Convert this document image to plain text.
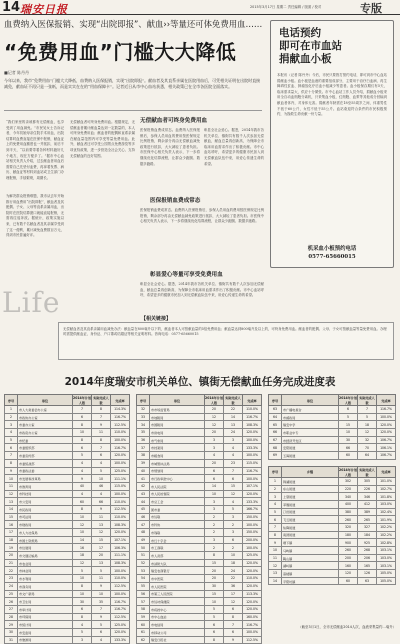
14 瑞安日报	2015年3月17日 星期二 责任编辑 / 版面 / 校对	专版
血费纳入医保报销、实现“出院即报”、献血››等量还可体免费用血……
“免费用血”门槛大大降低
■记者 陈丹丹
今年以来，我市“免费用血”门槛大大降低，血费纳入医保报销，实现“出院即报”。献血者及其直系亲属在医院用血后，可凭相关证明在出院时直接减免，献血证不再只是一张纸，而是实实在在的“用血保障卡”。记者近日从市中心血站获悉，相关政策已在全市各医院全面落实。
“我们家里的亲戚都有无偿献血，也享受到了用血减免。”市民吴女士告诉记者，今年初她母亲住院手术用血，出院结算时血费直接在医保中报销，献血证上的免费用血额度也一并抵扣，前后不到半天，“以前要带着各种材料跑好几个地方，现在方便多了。”据市中心血站相关负责人介绍，过去献血者用血后需要自己先垫付血费，再拿着发票、病历、献血证等材料到血站或卫生部门办理报销，手续繁琐，周期长。
为解决群众报销难题，我市从去年开始推行用血费用“出院即报”，献血者及其配偶、子女、父母等直系亲属用血，出院时在医院结算窗口就能直接报销，无需再往返奔波。据统计，政策实施以来，已有数千名献血者及其亲属享受到了这一便利，累计减免血费数百万元，得到市民普遍好评。
无偿献血者可终身免费用血。根据规定，无偿献血者累计献血量达到一定数量的，本人可终身免费用血；献血者的配偶和直系亲属在献血量范围内可享受等量免费用血。此外，献血者还可享受公园景点免费游览等多项优待政策，进一步营造全社会关心、支持无偿献血的良好氛围。
无偿献血者可终身免费用血
医保报销血费成常态。血费纳入医保报销后，参保人员用血的费用按医保规定比例报销，剩余部分再由无偿献血减免政策进行抵扣，大大减轻了患者负担。市医保中心相关负责人表示，下一步将继续优化结算流程，让群众少跑腿、数据多跑路。
彰显全社会爱心。据悉，2014年我市各机关单位、镇街共有数千人次参加无偿献血，献血总量再创新高，为保障全市临床用血需求作出了积极贡献。市中心血站呼吁，希望更多的健康市民加入到无偿献血队伍中来，用爱心传递生命的希望。
医保报销血费成常态
医保报销血费成常态。血费纳入医保报销后，参保人员用血的费用按医保规定比例报销，剩余部分再由无偿献血减免政策进行抵扣，大大减轻了患者负担。市医保中心相关负责人表示，下一步将继续优化结算流程，让群众少跑腿、数据多跑路。
彰显爱心等量可享受免费用血
彰显全社会爱心。据悉，2014年我市各机关单位、镇街共有数千人次参加无偿献血，献血总量再创新高，为保障全市临床用血需求作出了积极贡献。市中心血站呼吁，希望更多的健康市民加入到无偿献血队伍中来，用爱心传递生命的希望。
电话预约
即可在市血站
捐献血小板
本报讯（记者 陈丹丹）今后，市民只要拨打预约电话，即可到市中心血站捐献血小板。血小板是血液的重要组成部分，主要用于治疗白血病、再生障碍性贫血、肿瘤放化疗后血小板减少等患者。血小板保存期仅有5天，临床需求量大，供应十分紧张。市中心血站工作人员介绍，捐献血小板采用全自动血细胞分离机，只采集血小板，红细胞、血浆等其他成分回输到献血者体内，对身体无害。捐献者年龄需在18至55周岁之间，体重男性不低于60公斤，女性不低于55公斤。血站欢迎符合条件的市民积极预约，为挽救生命贡献一份力量。
机采血小板预约电话
0577-65660015
Life
无偿献血者及其直系亲属用血减免办法：献血量在800毫升以下的，献血者本人可按献血量的5倍免费用血；献血量达到800毫升及以上的，可终身免费用血。献血者的配偶、父母、子女可按献血量等量免费用血。办理时需提供献血证、身份证、户口簿或结婚证等相关证明材料。咨询电话：0577-65660015
【相关链接】
2014年度瑞安市机关单位、镇街无偿献血任务完成进度表
序号	单位	2014年计划人数	实际完成人数	完成率
1	市人大常委会办公室	7	8	114.3%
2	市政协办公室	6	7	116.7%
3	市委办公室	8	9	112.5%
4	市政府办公室	10	11	110.0%
5	市纪委	8	8	100.0%
6	市委组织部	6	7	116.7%
7	市委宣传部	5	6	120.0%
8	市委统战部	4	4	100.0%
9	市委政法委	4	5	125.0%
10	市发展和改革局	9	10	111.1%
11	市教育局	40	46	115.0%
12	市科技局	4	4	100.0%
13	市公安局	60	66	110.0%
14	市民政局	8	9	112.5%
15	市司法局	10	11	110.0%
16	市财政局	12	13	108.3%
17	市人力社保局	10	12	120.0%
18	市国土资源局	14	15	107.1%
19	市住建局	16	17	106.3%
20	市交通运输局	18	20	111.1%
21	市农业局	12	13	108.3%
22	市林业局	5	5	100.0%
23	市水利局	10	11	110.0%
24	市商务局	8	9	112.5%
25	市文广新局	10	10	100.0%
26	市卫生局	30	35	116.7%
27	市审计局	6	7	116.7%
28	市环保局	8	9	112.5%
29	市统计局	4	5	125.0%
30	市安监局	5	6	120.0%
31	市旅游局	3	4	133.3%
序号	单位	2014年计划人数	实际完成人数	完成率
32	市市场监管局	20	22	110.0%
33	市地税局	12	14	116.7%
34	市国税局	12	13	108.3%
35	市供电局	20	24	120.0%
36	市气象局	3	3	100.0%
37	市档案局	3	4	133.3%
38	市粮食局	4	4	100.0%
39	市城管执法局	20	23	115.0%
40	市规划局	6	7	116.7%
41	市行政审批中心	6	6	100.0%
42	市人民法院	14	15	107.1%
43	市人民检察院	10	12	120.0%
44	市总工会	3	4	133.3%
45	团市委	3	5	166.7%
46	市妇联	2	3	150.0%
47	市科协	2	2	100.0%
48	市残联	2	3	150.0%
49	市红十字会	3	6	200.0%
50	市工商联	2	2	100.0%
51	市人武部	8	10	125.0%
52	市消防大队	15	18	120.0%
53	瑞安农商银行	20	24	120.0%
54	市中医院	20	22	110.0%
55	市人民医院	30	36	120.0%
56	市第三人民医院	15	17	113.3%
57	市妇幼保健院	10	12	120.0%
58	市疾控中心	5	6	120.0%
59	市中心血站	5	8	160.0%
60	市电信局	6	7	116.7%
61	市移动公司	6	6	100.0%
62	瑞安日报社	8	9	112.5%
序号	单位	2014年计划人数	实际完成人数	完成率
63	市广播电视台	6	7	116.7%
64	市邮政局	5	5	100.0%
65	瑞安中学	15	18	120.0%
66	市职业中专	10	12	120.0%
67	市经济开发区	30	32	106.7%
68	安阳街道	66	70	106.1%
69	玉海街道	60	64	106.7%
序号	乡镇	2014年计划人数	实际完成人数	完成率
1	锦湖街道	302	305	101.0%
2	东山街道	220	226	102.7%
3	上望街道	340	346	101.8%
4	莘塍街道	400	412	103.0%
5	汀田街道	380	389	102.4%
6	飞云街道	260	265	101.9%
7	仙降街道	320	327	102.2%
8	南滨街道	180	184	102.2%
9	塘下镇	900	925	102.8%
10	马屿镇	260	268	103.1%
11	陶山镇	200	206	103.0%
12	湖岭镇	160	165	103.1%
13	高楼镇	120	126	105.0%
14	平阳坑镇	60	63	105.0%
（截至3月1日，全市无偿献血2014人次，血液采集量约…毫升）
